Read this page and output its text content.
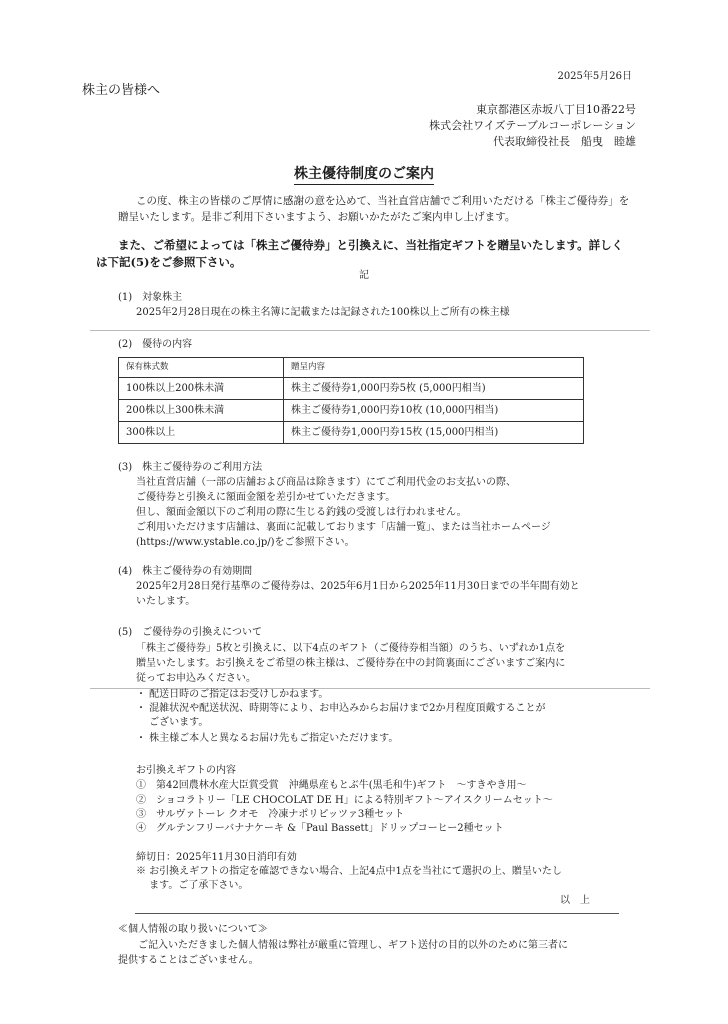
2025年5月26日
株主の皆様へ
東京都港区赤坂八丁目10番22号
株式会社ワイズテーブルコーポレーション
代表取締役社長　船曳　睦雄
株主優待制度のご案内
この度、株主の皆様のご厚情に感謝の意を込めて、当社直営店舗でご利用いただける「株主ご優待券」を
贈呈いたします。是非ご利用下さいますよう、お願いかたがたご案内申し上げます。
また、ご希望によっては「株主ご優待券」と引換えに、当社指定ギフトを贈呈いたします。詳しく
は下記(5)をご参照下さい。
記
(1)　対象株主
2025年2月28日現在の株主名簿に記載または記録された100株以上ご所有の株主様
(2)　優待の内容
保有株式数	贈呈内容
100株以上200株未満	株主ご優待券1,000円券5枚 (5,000円相当)
200株以上300株未満	株主ご優待券1,000円券10枚 (10,000円相当)
300株以上	株主ご優待券1,000円券15枚 (15,000円相当)
(3)　株主ご優待券のご利用方法
当社直営店舗（一部の店舗および商品は除きます）にてご利用代金のお支払いの際、
ご優待券と引換えに額面金額を差引かせていただきます。
但し、額面金額以下のご利用の際に生じる釣銭の受渡しは行われません。
ご利用いただけます店舗は、裏面に記載しております「店舗一覧」、または当社ホームページ
(https://www.ystable.co.jp/)をご参照下さい。
(4)　株主ご優待券の有効期間
2025年2月28日発行基準のご優待券は、2025年6月1日から2025年11月30日までの半年間有効と
いたします。
(5)　ご優待券の引換えについて
「株主ご優待券」5枚と引換えに、以下4点のギフト（ご優待券相当額）のうち、いずれか1点を
贈呈いたします。お引換えをご希望の株主様は、ご優待券在中の封筒裏面にございますご案内に
従ってお申込みください。
・ 配送日時のご指定はお受けしかねます。
・ 混雑状況や配送状況、時期等により、お申込みからお届けまで2か月程度頂戴することが
　 ございます。
・ 株主様ご本人と異なるお届け先もご指定いただけます。
お引換えギフトの内容
①　第42回農林水産大臣賞受賞　沖縄県産もとぶ牛(黒毛和牛)ギフト　～すきやき用～
②　ショコラトリー「LE CHOCOLAT DE H」による特別ギフト～アイスクリームセット～
③　サルヴァトーレ クオモ　冷凍ナポリピッツァ3種セット
④　グルテンフリーバナナケーキ &「Paul Bassett」ドリップコーヒー2種セット
締切日：2025年11月30日消印有効
※ お引換えギフトの指定を確認できない場合、上記4点中1点を当社にて選択の上、贈呈いたし
　 ます。ご了承下さい。
以　上
≪個人情報の取り扱いについて≫
ご記入いただきました個人情報は弊社が厳重に管理し、ギフト送付の目的以外のために第三者に
提供することはございません。
